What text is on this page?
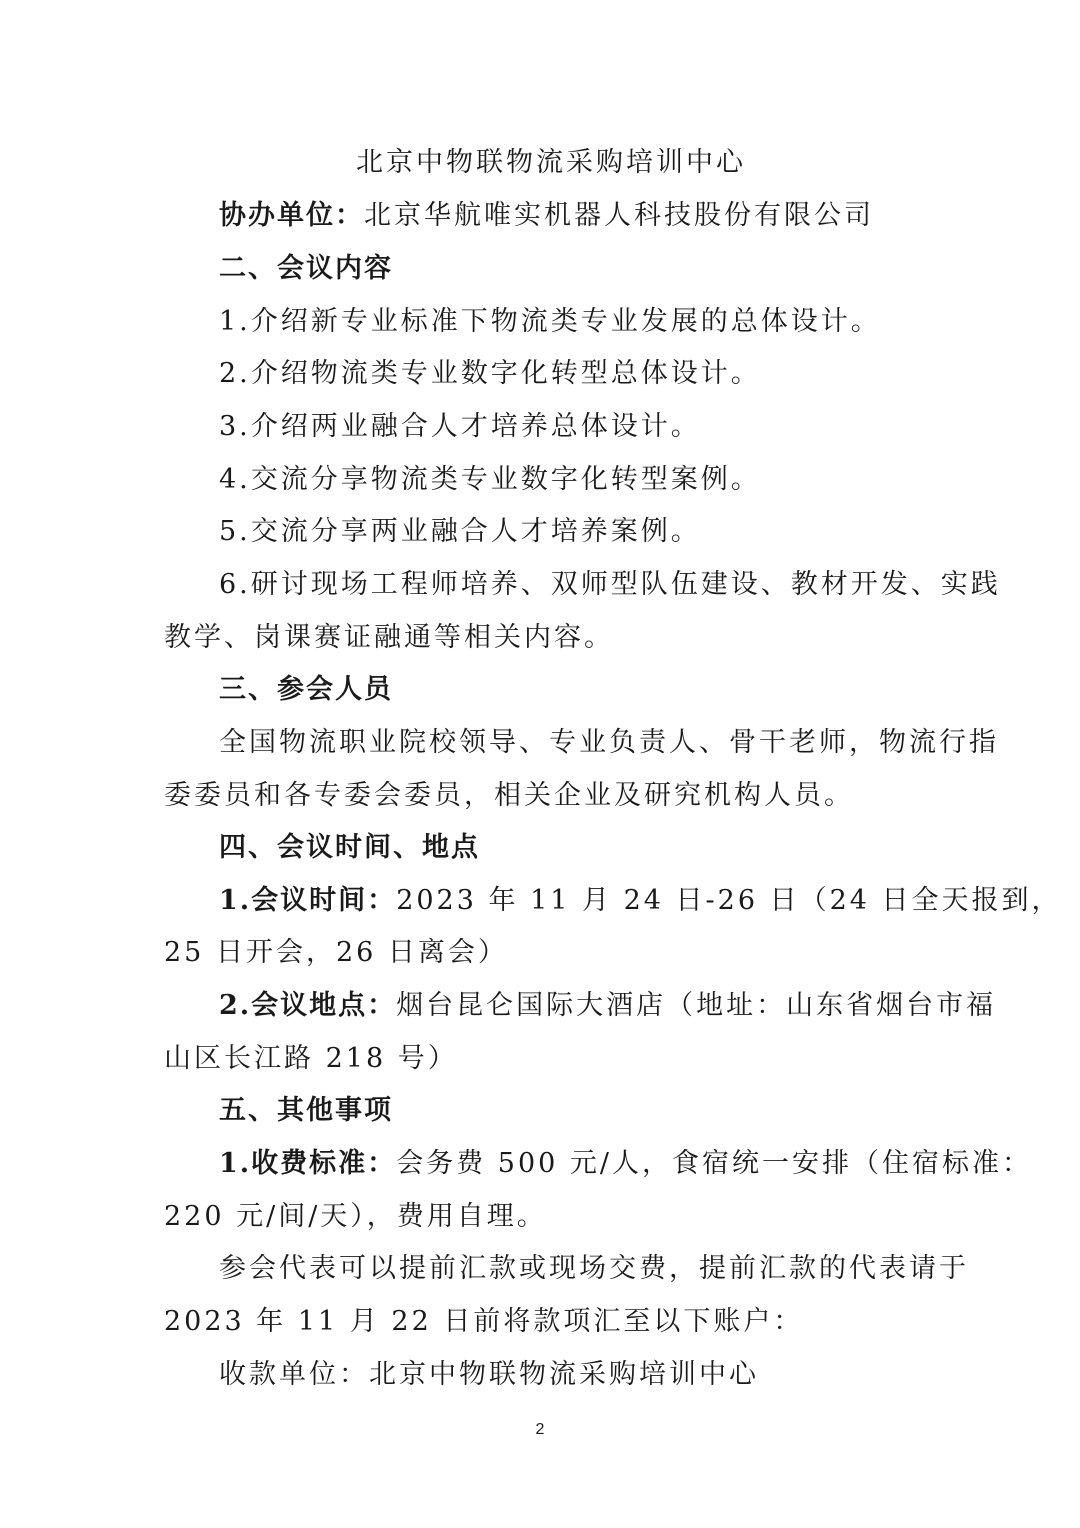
北京中物联物流采购培训中心
协办单位：北京华航唯实机器人科技股份有限公司
二、会议内容
1.介绍新专业标准下物流类专业发展的总体设计。
2.介绍物流类专业数字化转型总体设计。
3.介绍两业融合人才培养总体设计。
4.交流分享物流类专业数字化转型案例。
5.交流分享两业融合人才培养案例。
6.研讨现场工程师培养、双师型队伍建设、教材开发、实践
教学、岗课赛证融通等相关内容。
三、参会人员
全国物流职业院校领导、专业负责人、骨干老师，物流行指
委委员和各专委会委员，相关企业及研究机构人员。
四、会议时间、地点
1.会议时间：2023 年 11 月 24 日-26 日（24 日全天报到，
25 日开会，26 日离会）
2.会议地点：烟台昆仑国际大酒店（地址：山东省烟台市福
山区长江路 218 号）
五、其他事项
1.收费标准：会务费 500 元/人，食宿统一安排（住宿标准：
220 元/间/天），费用自理。
参会代表可以提前汇款或现场交费，提前汇款的代表请于
2023 年 11 月 22 日前将款项汇至以下账户：
收款单位：北京中物联物流采购培训中心
2
